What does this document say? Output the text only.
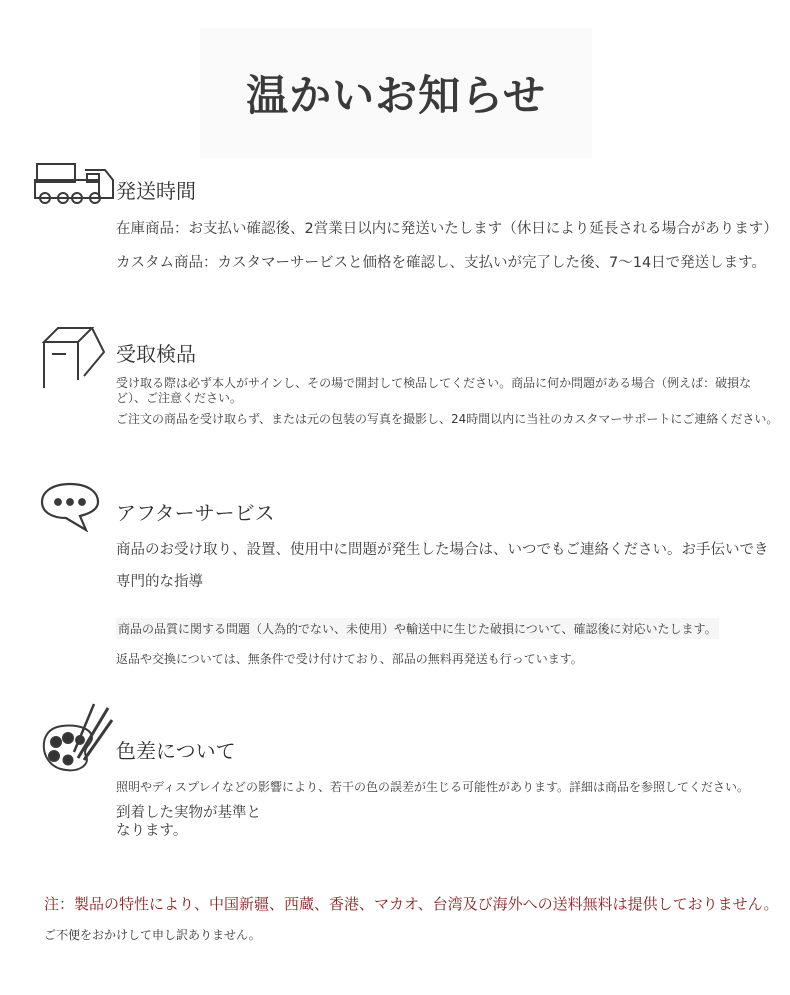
温かいお知らせ
発送時間
在庫商品：お支払い確認後、2営業日以内に発送いたします（休日により延長される場合があります）
カスタム商品：カスタマーサービスと価格を確認し、支払いが完了した後、7〜14日で発送します。
受取検品
受け取る際は必ず本人がサインし、その場で開封して検品してください。商品に何か問題がある場合（例えば：破損な
ど）、ご注意ください。
ご注文の商品を受け取らず、または元の包装の写真を撮影し、24時間以内に当社のカスタマーサポートにご連絡ください。
アフターサービス
商品のお受け取り、設置、使用中に問題が発生した場合は、いつでもご連絡ください。お手伝いでき
専門的な指導
商品の品質に関する問題（人為的でない、未使用）や輸送中に生じた破損について、確認後に対応いたします。
返品や交換については、無条件で受け付けており、部品の無料再発送も行っています。
色差について
照明やディスプレイなどの影響により、若干の色の誤差が生じる可能性があります。詳細は商品を参照してください。
到着した実物が基準と
なります。
注：製品の特性により、中国新疆、西蔵、香港、マカオ、台湾及び海外への送料無料は提供しておりません。
ご不便をおかけして申し訳ありません。
